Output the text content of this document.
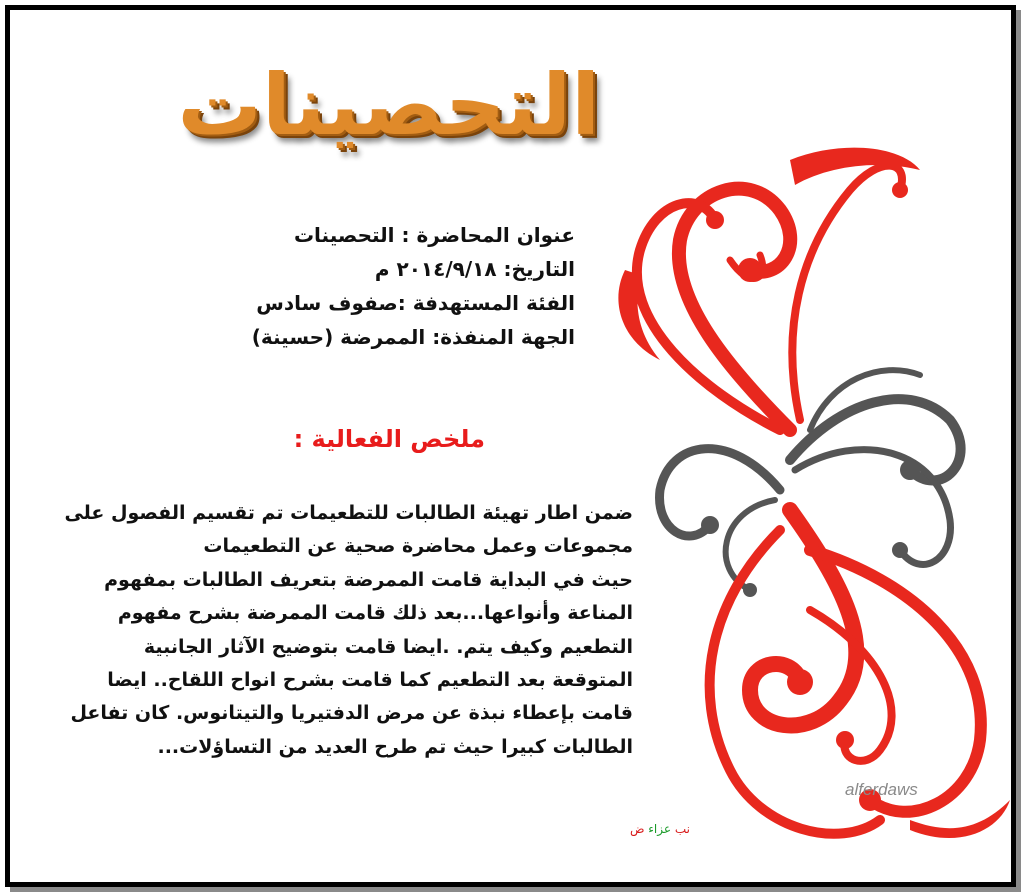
التحصينات
عنوان المحاضرة : التحصينات
التاريخ: ٢٠١٤/٩/١٨ م
الفئة المستهدفة :صفوف سادس
الجهة المنفذة: الممرضة (حسينة)
ملخص الفعالية :
ضمن اطار تهيئة الطالبات للتطعيمات تم تقسيم الفصول على
مجموعات وعمل محاضرة صحية عن التطعيمات
حيث في البداية قامت الممرضة بتعريف الطالبات بمفهوم
المناعة وأنواعها...بعد ذلك قامت الممرضة بشرح مفهوم
التطعيم وكيف يتم. .ايضا قامت بتوضيح الآثار الجانبية
المتوقعة بعد التطعيم كما قامت بشرح انواح اللقاح.. ايضا
قامت بإعطاء نبذة عن مرض الدفتيريا والتيتانوس. كان تفاعل
الطالبات كبيرا حيث تم طرح العديد من التساؤلات...
نب عزاء ض
alferdaws
